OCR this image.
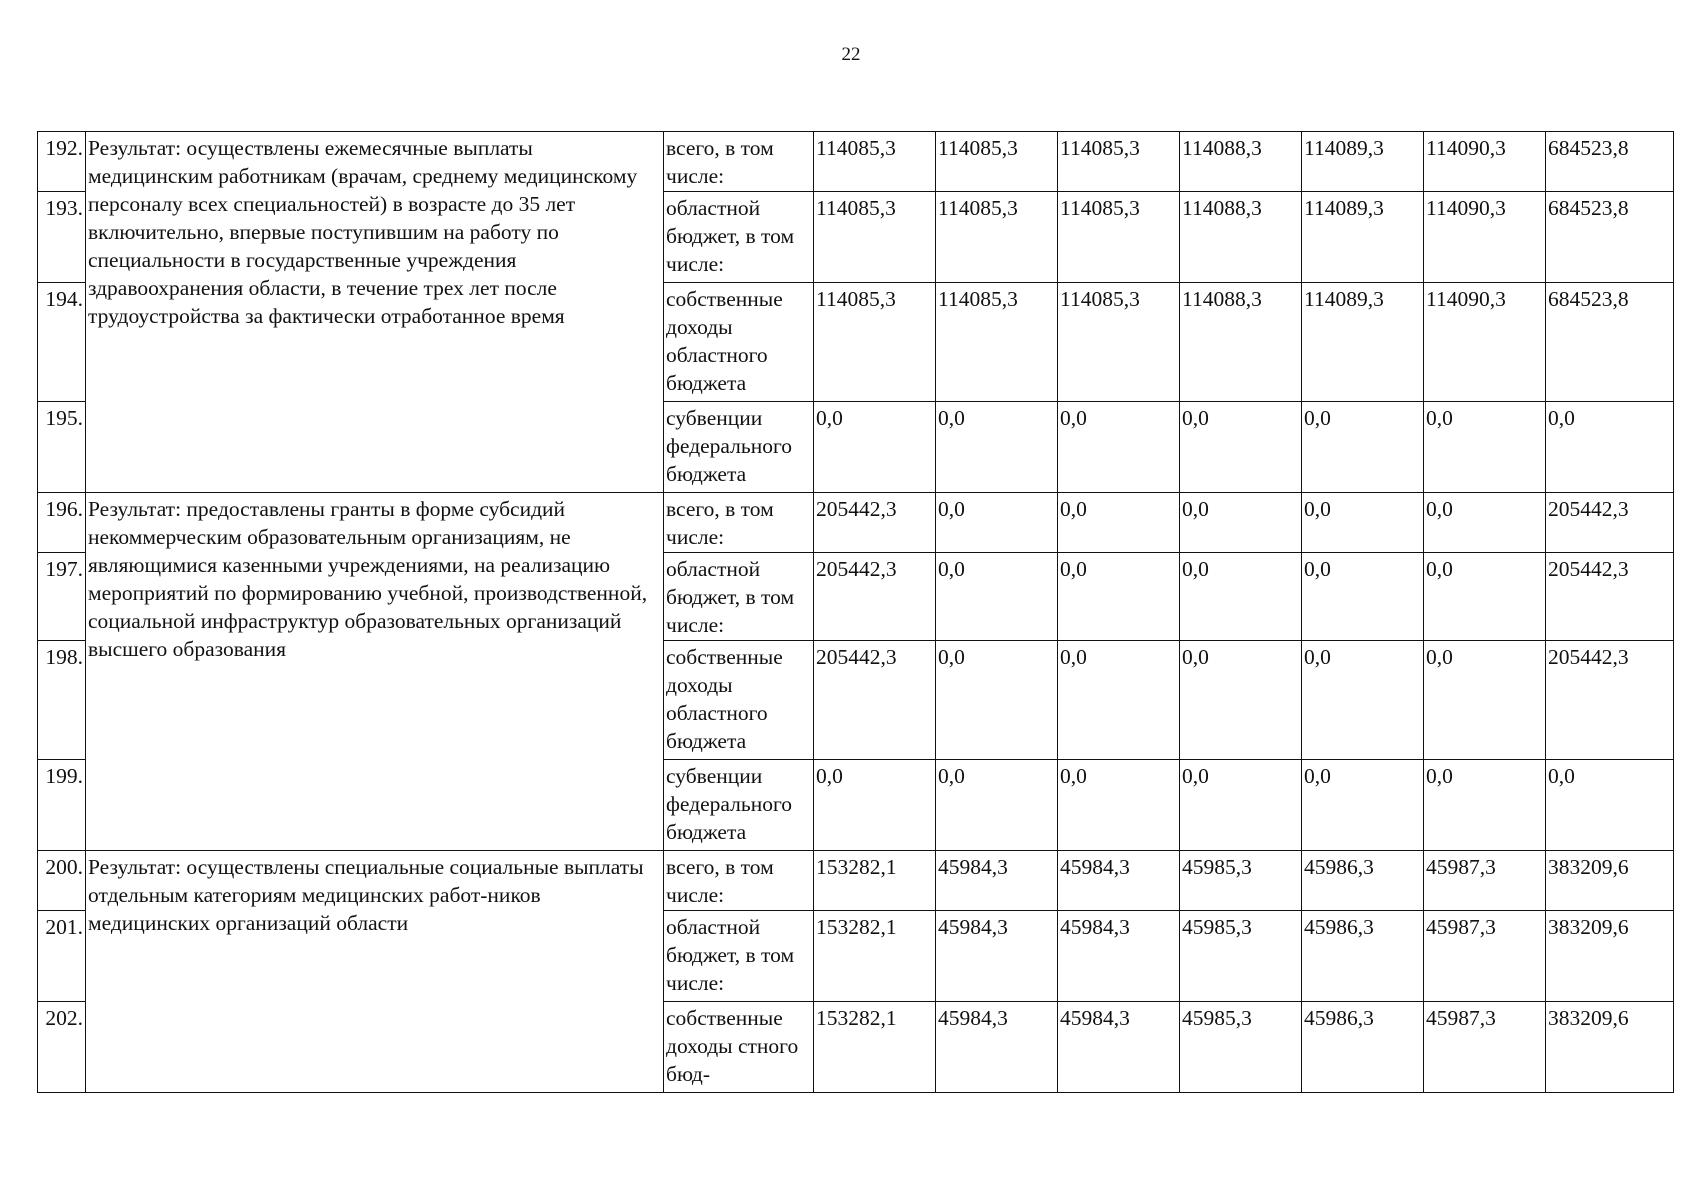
22
192.	Результат: осуществлены ежемесячные выплаты медицинским работникам (врачам, среднему медицинскому персоналу всех специальностей) в возрасте до 35 лет включительно, впервые поступившим на работу по специальности в государственные учреждения здравоохранения области, в течение трех лет после трудоустройства за фактически отработанное время	всего, в том числе:	114085,3	114085,3	114085,3	114088,3	114089,3	114090,3	684523,8
193.		областной бюджет, в том числе:	114085,3	114085,3	114085,3	114088,3	114089,3	114090,3	684523,8
194.		собственные доходы областного бюджета	114085,3	114085,3	114085,3	114088,3	114089,3	114090,3	684523,8
195.		субвенции федерального бюджета	0,0	0,0	0,0	0,0	0,0	0,0	0,0
196.	Результат: предоставлены гранты в форме субсидий некоммерческим образовательным организациям, не являющимися казенными учреждениями, на реализацию мероприятий по формированию учебной, производственной, социальной инфраструктур образовательных организаций высшего образования	всего, в том числе:	205442,3	0,0	0,0	0,0	0,0	0,0	205442,3
197.		областной бюджет, в том числе:	205442,3	0,0	0,0	0,0	0,0	0,0	205442,3
198.		собственные доходы областного бюджета	205442,3	0,0	0,0	0,0	0,0	0,0	205442,3
199.		субвенции федерального бюджета	0,0	0,0	0,0	0,0	0,0	0,0	0,0
200.	Результат: осуществлены специальные социальные выплаты отдельным категориям медицинских работ-ников медицинских организаций области	всего, в том числе:	153282,1	45984,3	45984,3	45985,3	45986,3	45987,3	383209,6
201.		областной бюджет, в том числе:	153282,1	45984,3	45984,3	45985,3	45986,3	45987,3	383209,6
202.		собственные доходы стного бюд-	153282,1	45984,3	45984,3	45985,3	45986,3	45987,3	383209,6
